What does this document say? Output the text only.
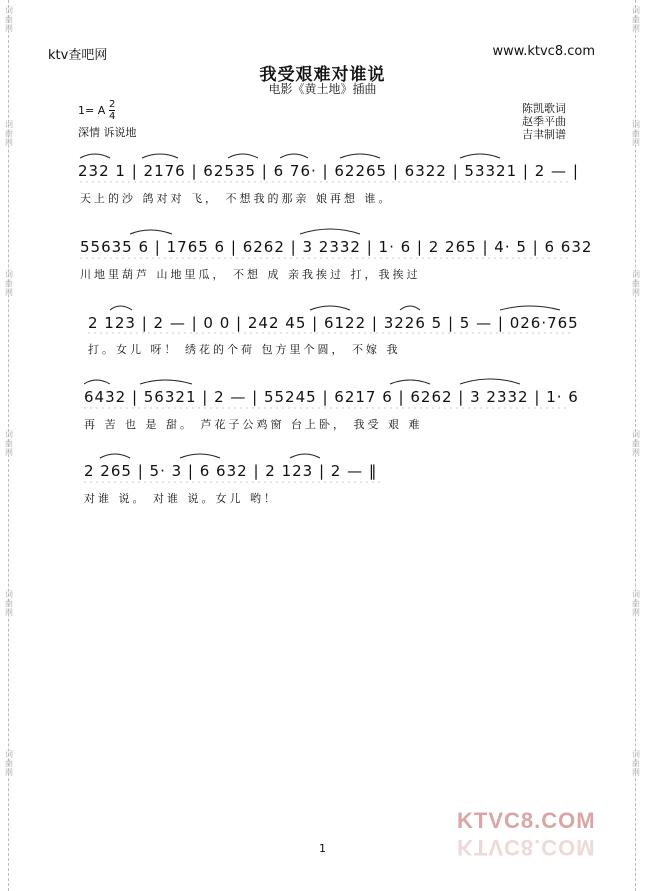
词曲网
词曲网
词曲网
词曲网
词曲网
词曲网
词曲网
词曲网
词曲网
词曲网
词曲网
词曲网
ktv查吧网	www.ktvc8.com
我受艰难对谁说
电影《黄土地》插曲
1= A 2
4
深情 诉说地
陈凯歌词
赵季平曲
吉聿制谱
232 1 | 2176 | 62535 | 6 76· | 62265 | 6322 | 53321 | 2 — |
天上的沙 鸽对对 飞， 不想我的那亲 娘再想 谁。
55635 6 | 1765 6 | 6262 | 3 2332 | 1· 6 | 2 265 | 4· 5 | 6 632
川地里葫芦 山地里瓜， 不想 成 亲我挨过 打，我挨过
2 123 | 2 — | 0 0 | 242 45 | 6122 | 3226 5 | 5 — | 026·765
打。女儿 呀！ 绣花的个荷 包方里个圆， 不嫁 我
6432 | 56321 | 2 — | 55245 | 6217 6 | 6262 | 3 2332 | 1· 6
再 苦 也 是 甜。 芦花子公鸡窗 台上卧， 我受 艰 难
2 265 | 5· 3 | 6 632 | 2 123 | 2 — ‖
对谁 说。 对谁 说。女儿 哟！
KTVC8.COM
KTVC8.COM
1
